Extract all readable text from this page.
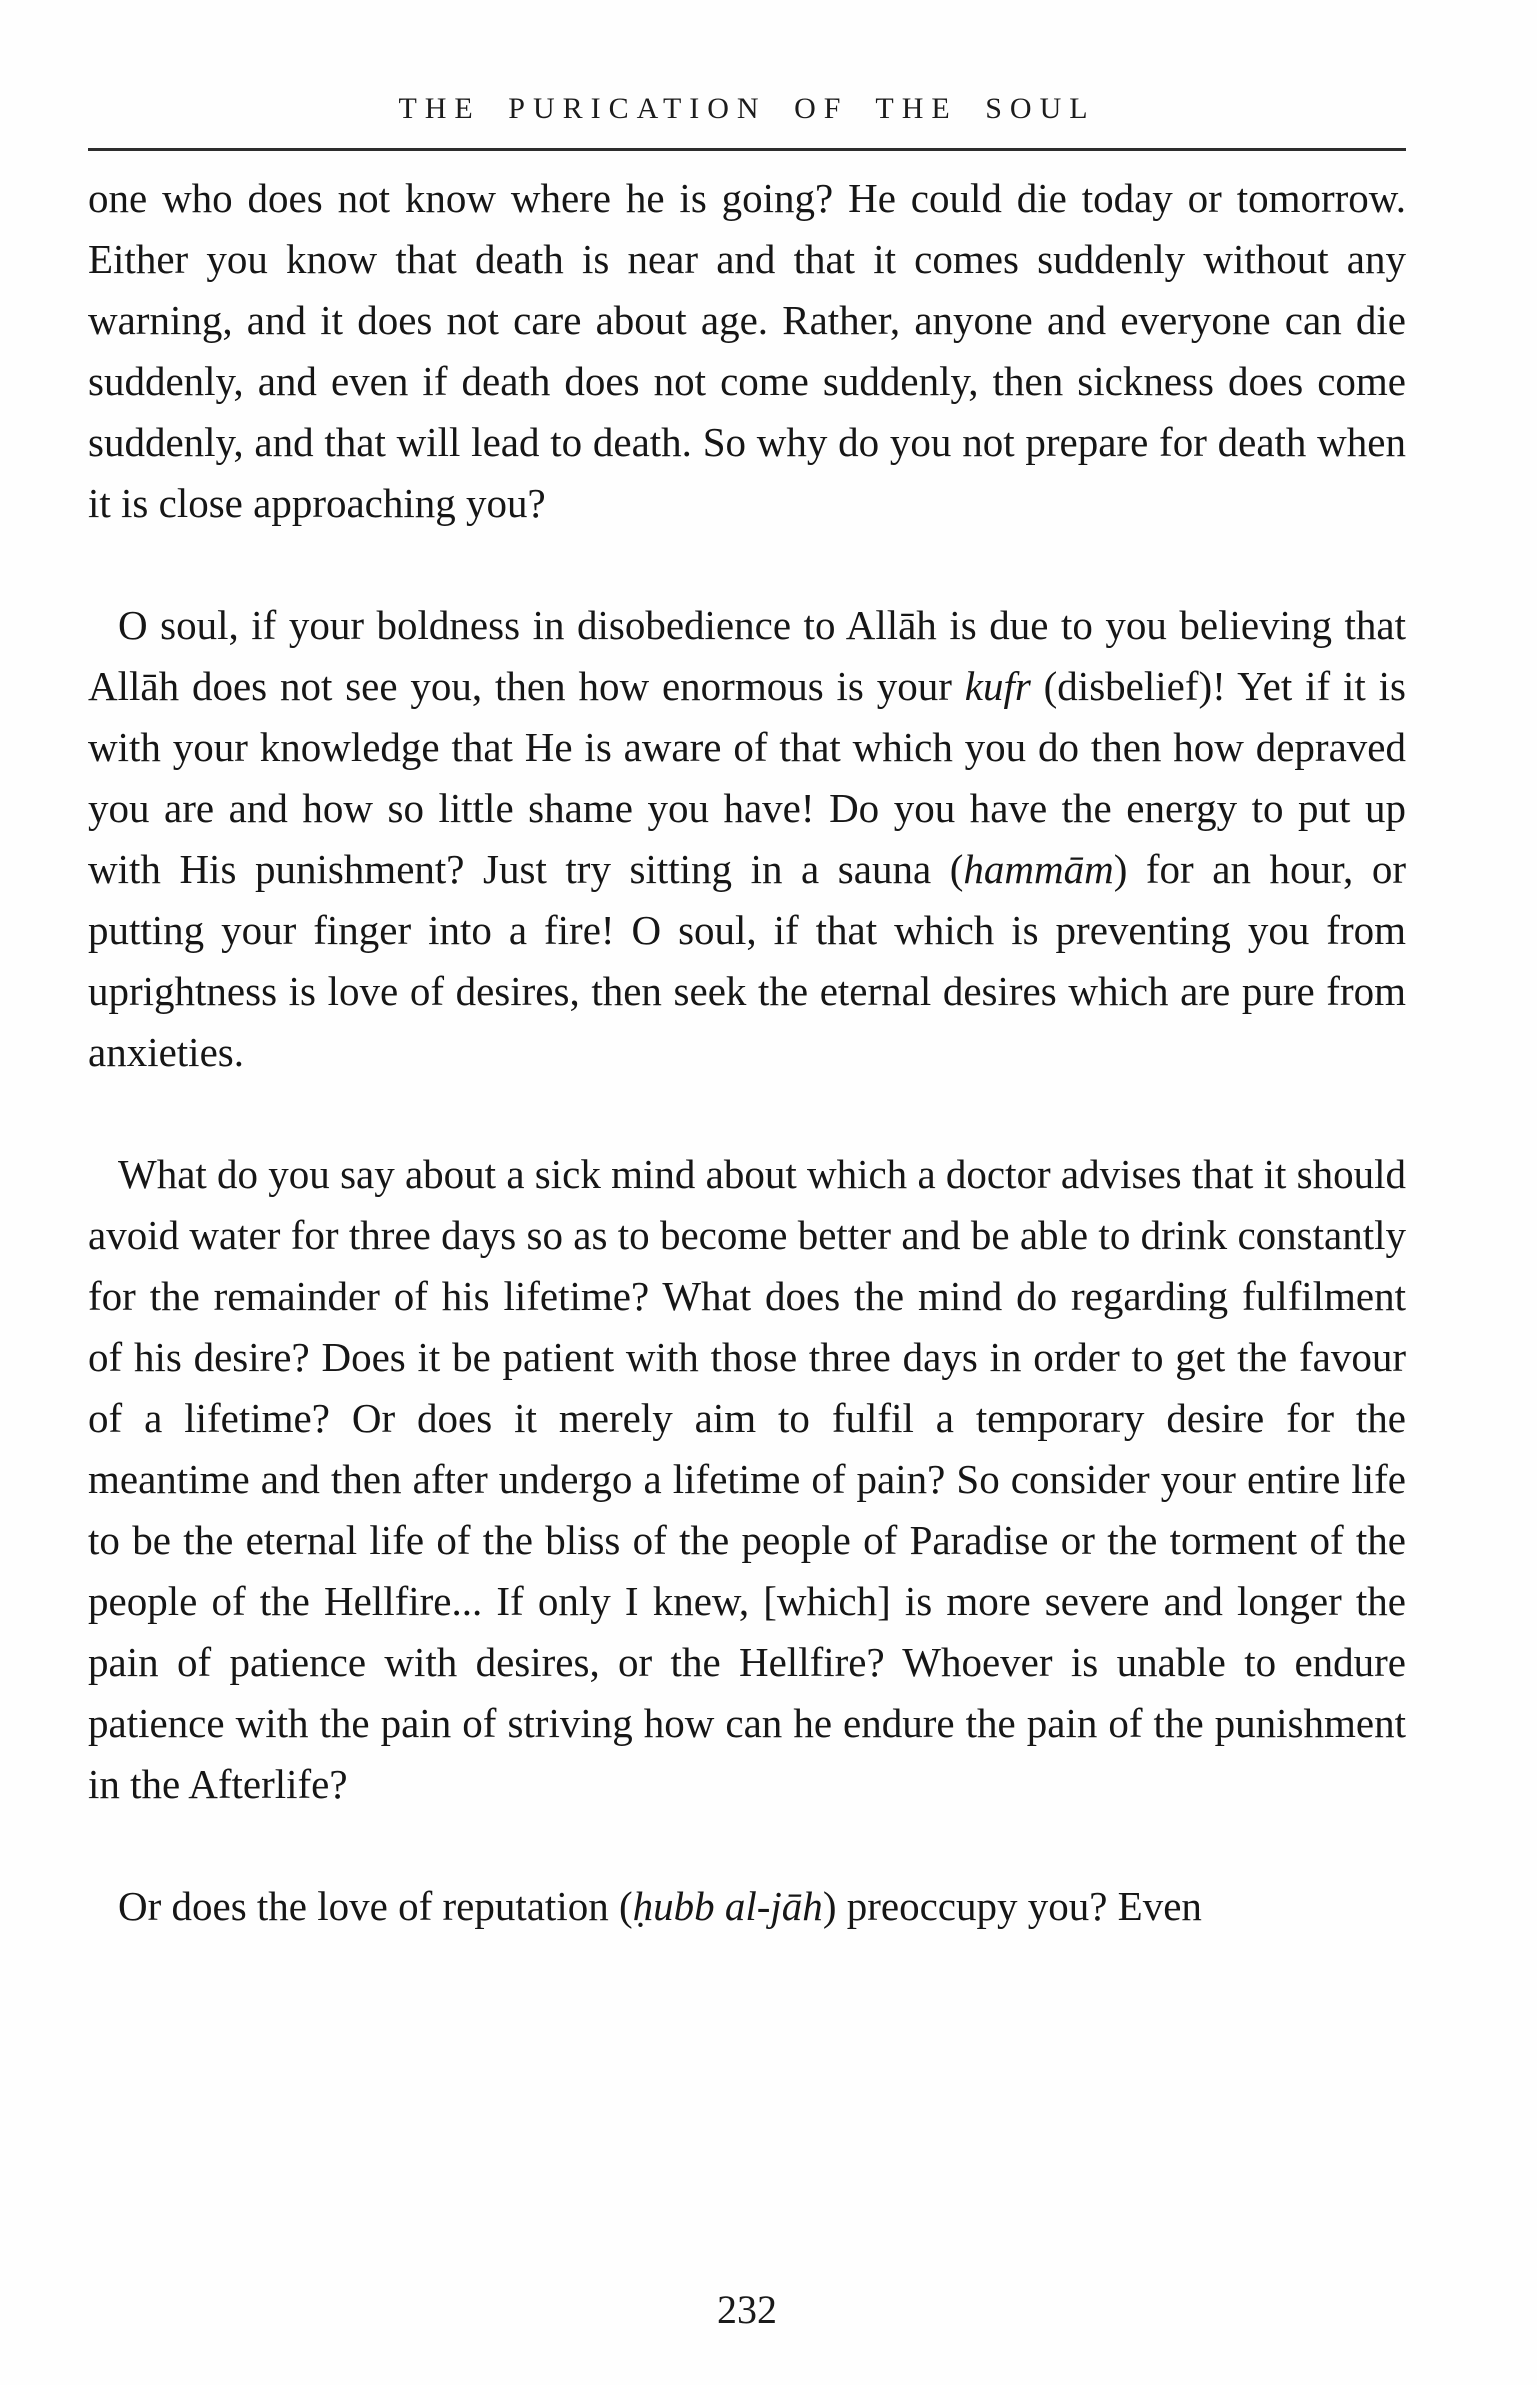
THE PURICATION OF THE SOUL

one who does not know where he is going? He could die today or tomorrow. Either you know that death is near and that it comes suddenly without any warning, and it does not care about age. Rather, anyone and everyone can die suddenly, and even if death does not come suddenly, then sickness does come suddenly, and that will lead to death. So why do you not prepare for death when it is close approaching you?

O soul, if your boldness in disobedience to Allāh is due to you believing that Allāh does not see you, then how enormous is your kufr (disbelief)! Yet if it is with your knowledge that He is aware of that which you do then how depraved you are and how so little shame you have! Do you have the energy to put up with His punishment? Just try sitting in a sauna (hammām) for an hour, or putting your finger into a fire! O soul, if that which is preventing you from uprightness is love of desires, then seek the eternal desires which are pure from anxieties.

What do you say about a sick mind about which a doctor advises that it should avoid water for three days so as to become better and be able to drink constantly for the remainder of his lifetime? What does the mind do regarding fulfilment of his desire? Does it be patient with those three days in order to get the favour of a lifetime? Or does it merely aim to fulfil a temporary desire for the meantime and then after undergo a lifetime of pain? So consider your entire life to be the eternal life of the bliss of the people of Paradise or the torment of the people of the Hellfire... If only I knew, [which] is more severe and longer the pain of patience with desires, or the Hellfire? Whoever is unable to endure patience with the pain of striving how can he endure the pain of the punishment in the Afterlife?

Or does the love of reputation (ḥubb al-jāh) preoccupy you? Even

232
